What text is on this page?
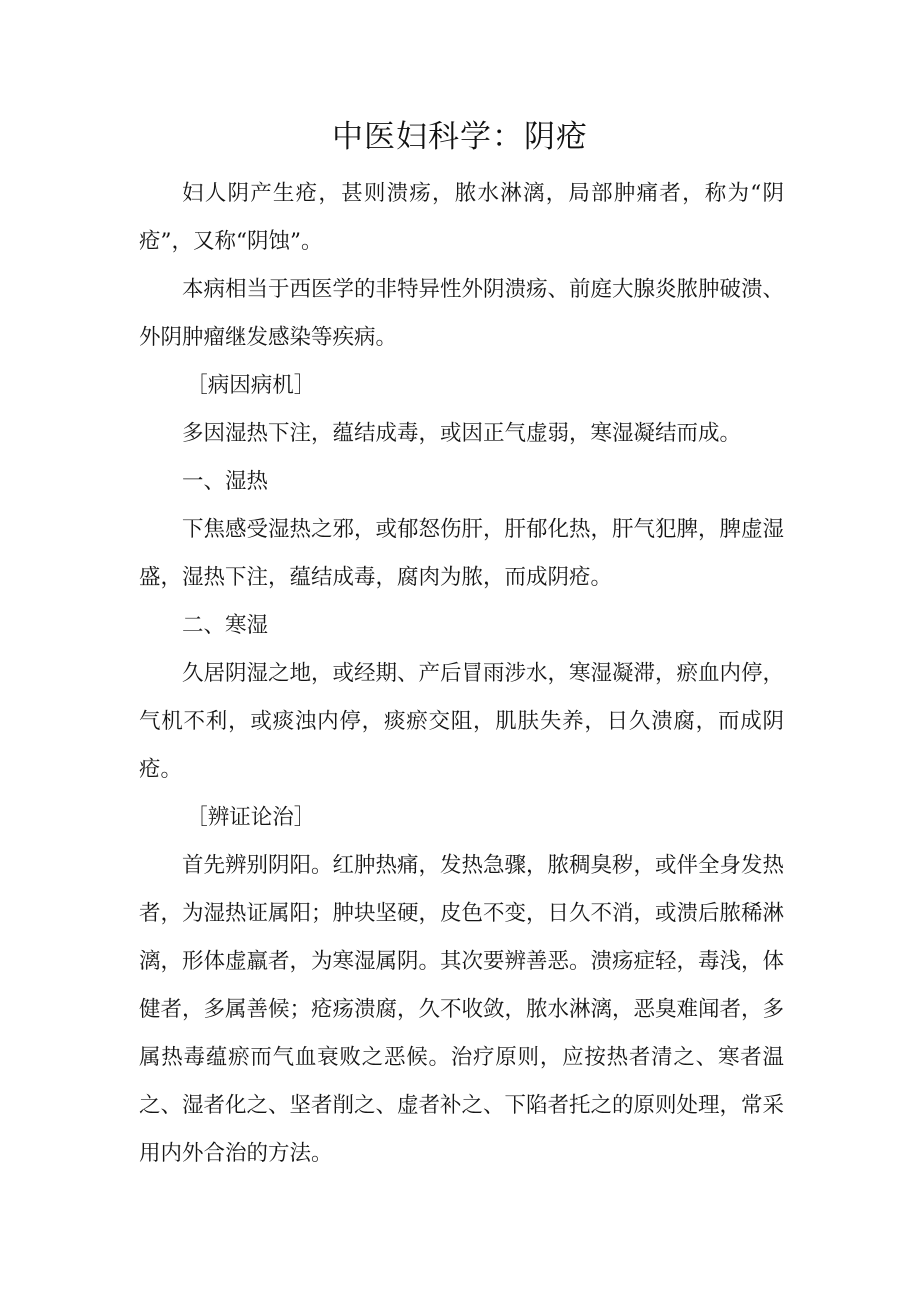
中医妇科学：阴疮

妇人阴产生疮，甚则溃疡，脓水淋漓，局部肿痛者，称为“阴疮”，又称“阴蚀”。

本病相当于西医学的非特异性外阴溃疡、前庭大腺炎脓肿破溃、外阴肿瘤继发感染等疾病。

［病因病机］

多因湿热下注，蕴结成毒，或因正气虚弱，寒湿凝结而成。

一、湿热

下焦感受湿热之邪，或郁怒伤肝，肝郁化热，肝气犯脾，脾虚湿盛，湿热下注，蕴结成毒，腐肉为脓，而成阴疮。

二、寒湿

久居阴湿之地，或经期、产后冒雨涉水，寒湿凝滞，瘀血内停，气机不利，或痰浊内停，痰瘀交阻，肌肤失养，日久溃腐，而成阴疮。

［辨证论治］

首先辨别阴阳。红肿热痛，发热急骤，脓稠臭秽，或伴全身发热者，为湿热证属阳；肿块坚硬，皮色不变，日久不消，或溃后脓稀淋漓，形体虚羸者，为寒湿属阴。其次要辨善恶。溃疡症轻，毒浅，体健者，多属善候；疮疡溃腐，久不收敛，脓水淋漓，恶臭难闻者，多属热毒蕴瘀而气血衰败之恶候。治疗原则，应按热者清之、寒者温之、湿者化之、坚者削之、虚者补之、下陷者托之的原则处理，常采用内外合治的方法。
